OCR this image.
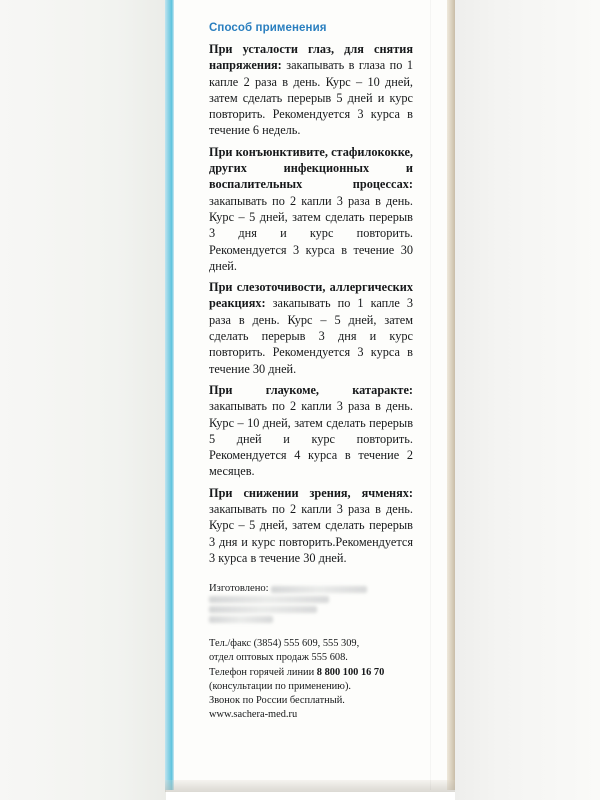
Способ применения

При усталости глаз, для снятия напряжения: закапывать в глаза по 1 капле 2 раза в день. Курс – 10 дней, затем сделать перерыв 5 дней и курс повторить. Рекомендуется 3 курса в течение 6 недель.

При конъюнктивите, стафилококке, других инфекционных и воспалительных процессах: закапывать по 2 капли 3 раза в день. Курс – 5 дней, затем сделать перерыв 3 дня и курс повторить. Рекомендуется 3 курса в течение 30 дней.

При слезоточивости, аллергических реакциях: закапывать по 1 капле 3 раза в день. Курс – 5 дней, затем сделать перерыв 3 дня и курс повторить. Рекомендуется 3 курса в течение 30 дней.

При глаукоме, катаракте: закапывать по 2 капли 3 раза в день. Курс – 10 дней, затем сделать перерыв 5 дней и курс повторить. Рекомендуется 4 курса в течение 2 месяцев.

При снижении зрения, ячменях: закапывать по 2 капли 3 раза в день. Курс – 5 дней, затем сделать перерыв 3 дня и курс повторить.Рекомендуется 3 курса в течение 30 дней.

Изготовлено:
Тел./факс (3854) 555 609, 555 309,
отдел оптовых продаж 555 608.
Телефон горячей линии 8 800 100 16 70
(консультации по применению).
Звонок по России бесплатный.
www.sachera-med.ru
